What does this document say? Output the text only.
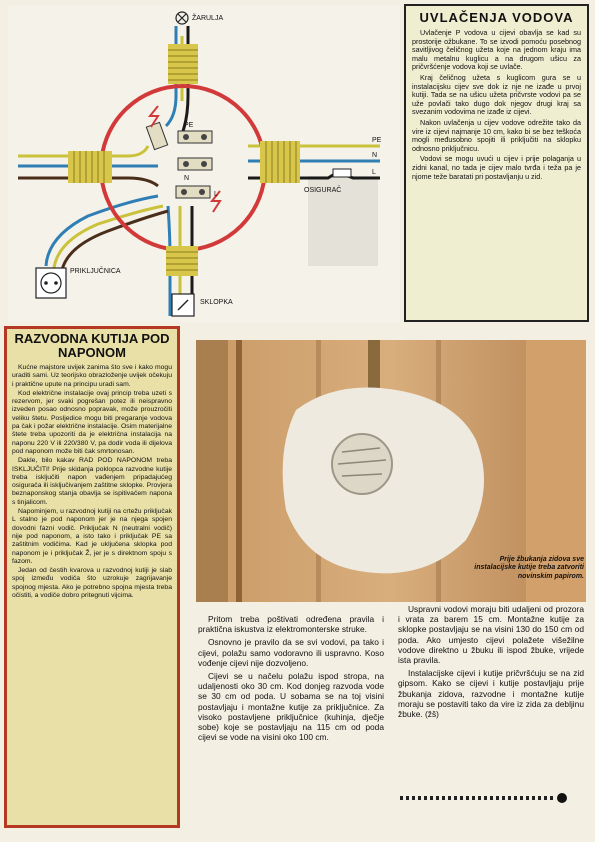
ŽARULJA
PE
N
L
OSIGURAČ
PE
N
L
PRIKLJUČNICA
SKLOPKA
UVLAČENJA VODOVA

Uvlačenje P vodova u cijevi obavlja se kad su prostorije ožbukane. To se izvodi pomoću posebnog savitljivog čeličnog užeta koje na jednom kraju ima malu metalnu kuglicu a na drugom ušicu za pričvršćenje vodova koji se uvlače.

Kraj čeličnog užeta s kuglicom gura se u instalacijsku cijev sve dok iz nje ne izađe u prvoj kutiji. Tada se na ušicu užeta pričvrste vodovi pa se uže povlači tako dugo dok njegov drugi kraj sa svezanim vodovima ne izađe iz cijevi.

Nakon uvlačenja u cijev vodove odrežite tako da vire iz cijevi najmanje 10 cm, kako bi se bez teškoća mogli međusobno spojiti ili priključiti na sklopku odnosno priključnicu.

Vodovi se mogu uvući u cijev i prije polaganja u zidni kanal, no tada je cijev malo tvrđa i teža pa je njome teže baratati pri postavljanju u zid.

RAZVODNA KUTIJA POD NAPONOM

Kućne majstore uvijek zanima što sve i kako mogu uraditi sami. Uz teorijsko obrazloženje uvijek očekuju i praktične upute na principu uradi sam.

Kod električne instalacije ovaj princip treba uzeti s rezervom, jer svaki pogrešan potez ili neispravno izveden posao odnosno popravak, može prouzročiti veliku štetu. Posljedice mogu biti pregaranje vodova pa čak i požar električne instalacije. Osim materijalne štete treba upozoriti da je električna instalacija na naponu 220 V ili 220/380 V, pa dodir voda ili dijelova pod naponom može biti čak smrtonosan.

Dakle, bilo kakav RAD POD NAPONOM treba ISKLJUČITI! Prije skidanja poklopca razvodne kutije treba isključiti napon vađenjem pripadajućeg osigurača ili isključivanjem zaštitne sklopke. Provjera beznaponskog stanja obavlja se ispitivačem napona s tinjalicom.

Napominjem, u razvodnoj kutiji na crtežu priključak L stalno je pod naponom jer je na njega spojen dovodni fazni vodič. Priključak N (neutralni vodič) nije pod naponom, a isto tako i priključak PE sa zaštitnim vodičima. Kad je uključena sklopka pod naponom je i priključak Ž, jer je s direktnom spoju s fazom.

Jedan od čestih kvarova u razvodnoj kutiji je slab spoj između vodiča što uzrokuje zagrijavanje spojnog mjesta. Ako je potrebno spojna mjesta treba očistiti, a vodiče dobro pritegnuti vijcima.

Prije žbukanja zidova sve instalacijske kutije treba zatvoriti novinskim papirom.

Pritom treba poštivati određena pravila i praktična iskustva iz elektromonterske struke.

Osnovno je pravilo da se svi vodovi, pa tako i cijevi, polažu samo vodoravno ili uspravno. Koso vođenje cijevi nije dozvoljeno.

Cijevi se u načelu polažu ispod stropa, na udaljenosti oko 30 cm. Kod donjeg razvoda vode se 30 cm od poda. U sobama se na toj visini postavljaju i montažne kutije za priključnice. Za visoko postavljene priključnice (kuhinja, dječje sobe) koje se postavljaju na 115 cm od poda cijevi se vode na visini oko 100 cm.

Uspravni vodovi moraju biti udaljeni od prozora i vrata za barem 15 cm. Montažne kutije za sklopke postavljaju se na visini 130 do 150 cm od poda. Ako umjesto cijevi polažete višežilne vodove direktno u žbuku ili ispod žbuke, vrijede ista pravila.

Instalacijske cijevi i kutije pričvršćuju se na zid gipsom. Kako se cijevi i kutije postavljaju prije žbukanja zidova, razvodne i montažne kutije moraju se postaviti tako da vire iz zida za debljinu žbuke. (žš)
